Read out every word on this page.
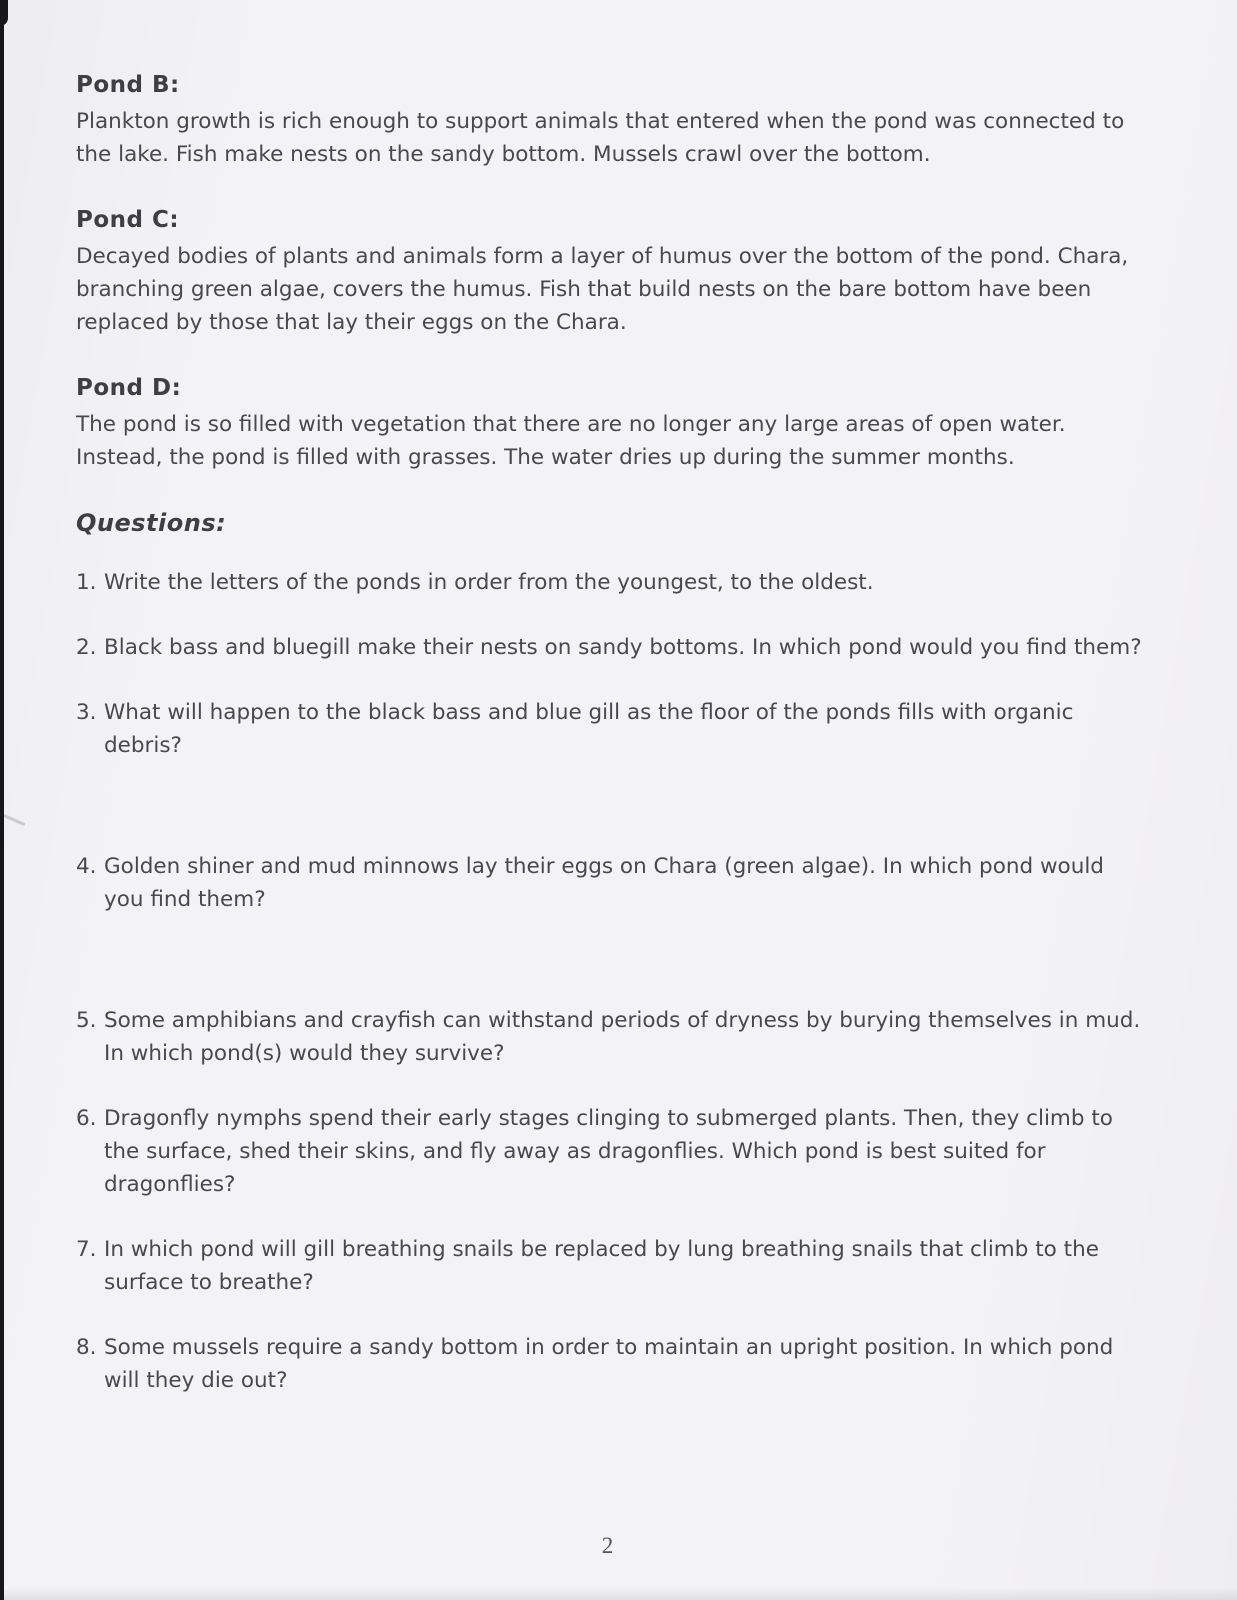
Pond B:

Plankton growth is rich enough to support animals that entered when the pond was connected to the lake. Fish make nests on the sandy bottom. Mussels crawl over the bottom.

Pond C:

Decayed bodies of plants and animals form a layer of humus over the bottom of the pond. Chara, branching green algae, covers the humus. Fish that build nests on the bare bottom have been replaced by those that lay their eggs on the Chara.

Pond D:

The pond is so filled with vegetation that there are no longer any large areas of open water. Instead, the pond is filled with grasses. The water dries up during the summer months.

Questions:
1. Write the letters of the ponds in order from the youngest, to the oldest.
2. Black bass and bluegill make their nests on sandy bottoms. In which pond would you find them?
3. What will happen to the black bass and blue gill as the floor of the ponds fills with organic debris?
4. Golden shiner and mud minnows lay their eggs on Chara (green algae). In which pond would you find them?
5. Some amphibians and crayfish can withstand periods of dryness by burying themselves in mud. In which pond(s) would they survive?
6. Dragonfly nymphs spend their early stages clinging to submerged plants. Then, they climb to the surface, shed their skins, and fly away as dragonflies. Which pond is best suited for dragonflies?
7. In which pond will gill breathing snails be replaced by lung breathing snails that climb to the surface to breathe?
8. Some mussels require a sandy bottom in order to maintain an upright position. In which pond will they die out?
2
